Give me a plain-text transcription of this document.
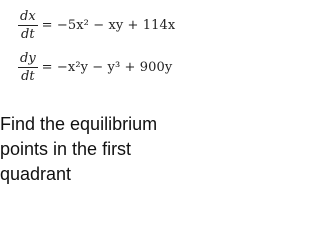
$\frac{dx}{dt} = -5x^2$ − xy + 114x
$\frac{dy}{dt} = -x^2y - y^3 + 900y$
Find the equilibrium
points in the first
quadrant
